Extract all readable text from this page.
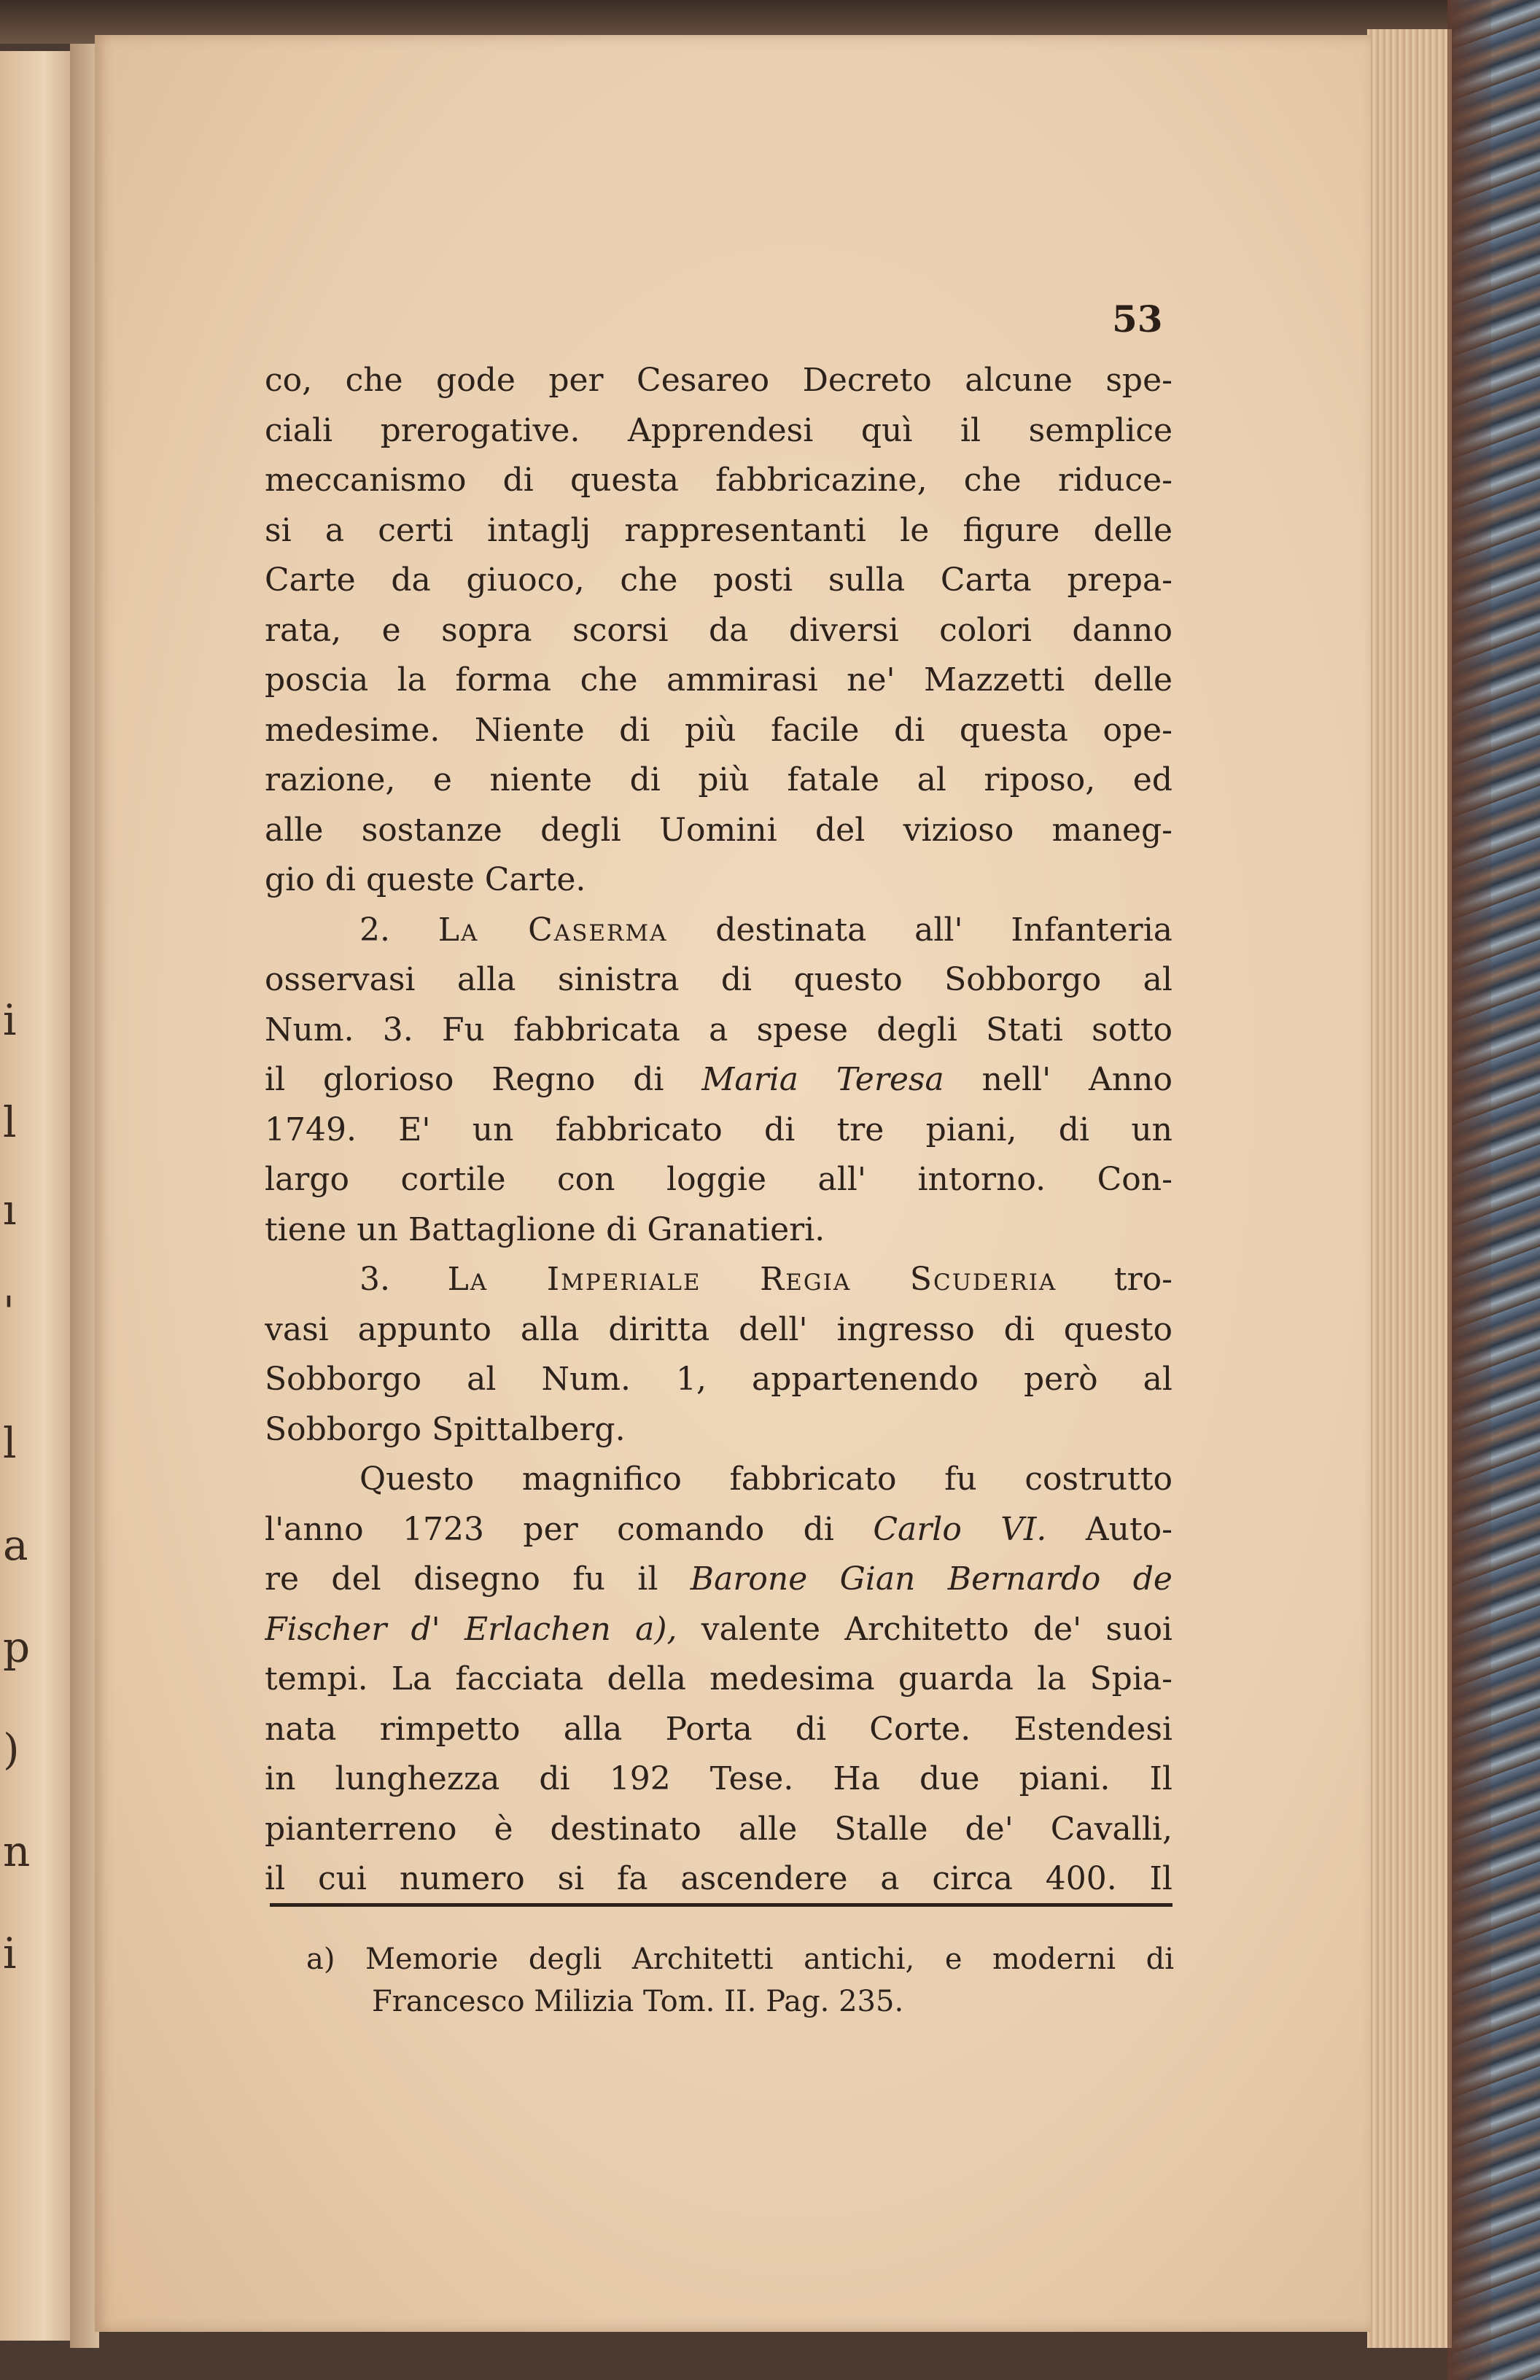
i
l
ı
'
l
a
p
)
n
i
53
co, che gode per Cesareo Decreto alcune spe-
ciali prerogative. Apprendesi quì il semplice
meccanismo di questa fabbricazine, che riduce-
si a certi intaglj rappresentanti le figure delle
Carte da giuoco, che posti sulla Carta prepa-
rata, e sopra scorsi da diversi colori danno
poscia la forma che ammirasi ne' Mazzetti delle
medesime. Niente di più facile di questa ope-
razione, e niente di più fatale al riposo, ed
alle sostanze degli Uomini del vizioso maneg-
gio di queste Carte.
2. La Caserma destinata all' Infanteria
osservasi alla sinistra di questo Sobborgo al
Num. 3. Fu fabbricata a spese degli Stati sotto
il glorioso Regno di Maria Teresa nell' Anno
1749. E' un fabbricato di tre piani, di un
largo cortile con loggie all' intorno. Con-
tiene un Battaglione di Granatieri.
3. La Imperiale Regia Scuderia tro-
vasi appunto alla diritta dell' ingresso di questo
Sobborgo al Num. 1, appartenendo però al
Sobborgo Spittalberg.
Questo magnifico fabbricato fu costrutto
l'anno 1723 per comando di Carlo VI. Auto-
re del disegno fu il Barone Gian Bernardo de
Fischer d' Erlachen a), valente Architetto de' suoi
tempi. La facciata della medesima guarda la Spia-
nata rimpetto alla Porta di Corte. Estendesi
in lunghezza di 192 Tese. Ha due piani. Il
pianterreno è destinato alle Stalle de' Cavalli,
il cui numero si fa ascendere a circa 400. Il
a) Memorie degli Architetti antichi, e moderni di
Francesco Milizia Tom. II. Pag. 235.
